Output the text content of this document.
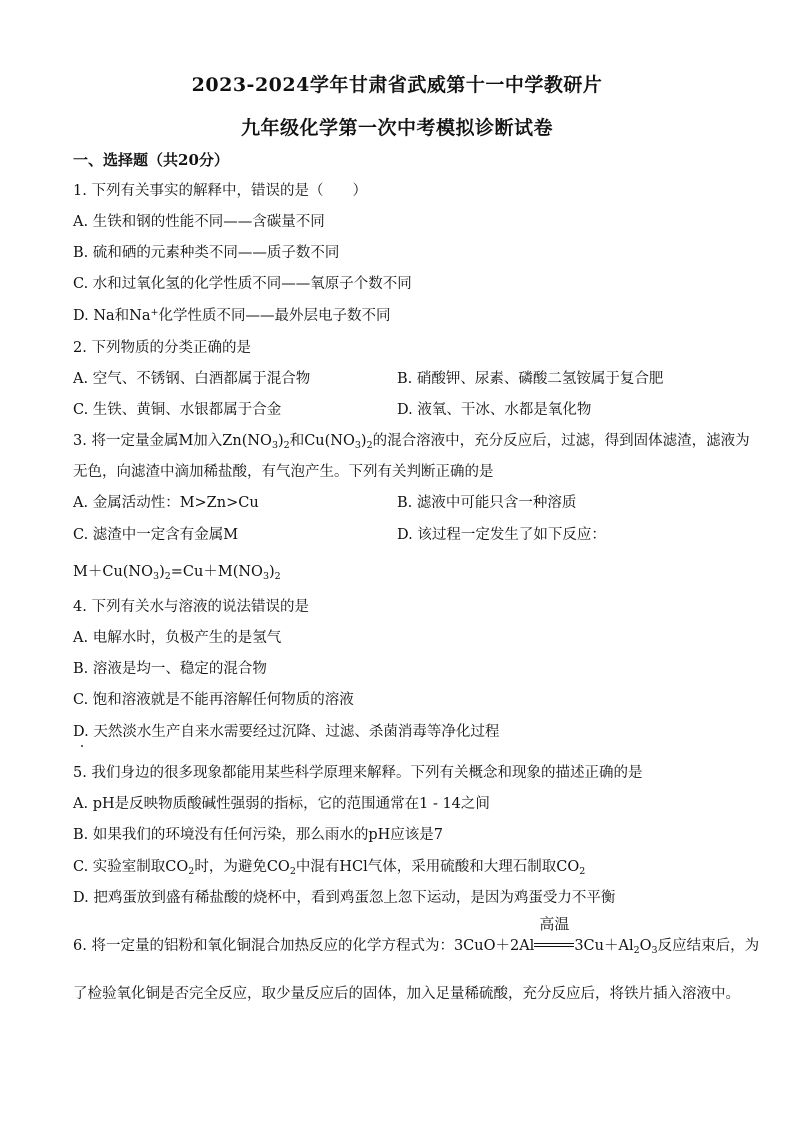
2023-2024学年甘肃省武威第十一中学教研片
九年级化学第一次中考模拟诊断试卷
一、选择题（共20分）
1. 下列有关事实的解释中，错误的是（　　）
A. 生铁和钢的性能不同——含碳量不同
B. 硫和硒的元素种类不同——质子数不同
C. 水和过氧化氢的化学性质不同——氧原子个数不同
D. Na和Na+化学性质不同——最外层电子数不同
2. 下列物质的分类正确的是
A. 空气、不锈钢、白酒都属于混合物	B. 硝酸钾、尿素、磷酸二氢铵属于复合肥
C. 生铁、黄铜、水银都属于合金	D. 液氧、干冰、水都是氧化物
3. 将一定量金属M加入$Zn(NO_3)_2$和$Cu(NO_3)_2$的混合溶液中，充分反应后，过滤，得到固体滤渣，滤液为
无色，向滤渣中滴加稀盐酸，有气泡产生。下列有关判断正确的是
A. 金属活动性：M>Zn>Cu	B. 滤液中可能只含一种溶质
C. 滤渣中一定含有金属M	D. 该过程一定发生了如下反应：
$M+Cu(NO_3)_2=Cu+M(NO_3)_2$
4. 下列有关水与溶液的说法错误的是
A. 电解水时，负极产生的是氢气
B. 溶液是均一、稳定的混合物
C. 饱和溶液就是不能再溶解任何物质的溶液
D. 天然淡水生产自来水需要经过沉降、过滤、杀菌消毒等净化过程
5. 我们身边的很多现象都能用某些科学原理来解释。下列有关概念和现象的描述正确的是
A. pH是反映物质酸碱性强弱的指标，它的范围通常在1 - 14之间
B. 如果我们的环境没有任何污染，那么雨水的pH应该是7
C. 实验室制取$CO_2$时，为避免$CO_2$中混有HCl气体，采用硫酸和大理石制取$CO_2$
D. 把鸡蛋放到盛有稀盐酸的烧杯中，看到鸡蛋忽上忽下运动，是因为鸡蛋受力不平衡
6. 将一定量的铝粉和氧化铜混合加热反应的化学方程式为：3CuO＋2Al
高温
$3Cu+Al_2O_3$反应结束后，为
了检验氧化铜是否完全反应，取少量反应后的固体，加入足量稀硫酸，充分反应后，将铁片插入溶液中。
